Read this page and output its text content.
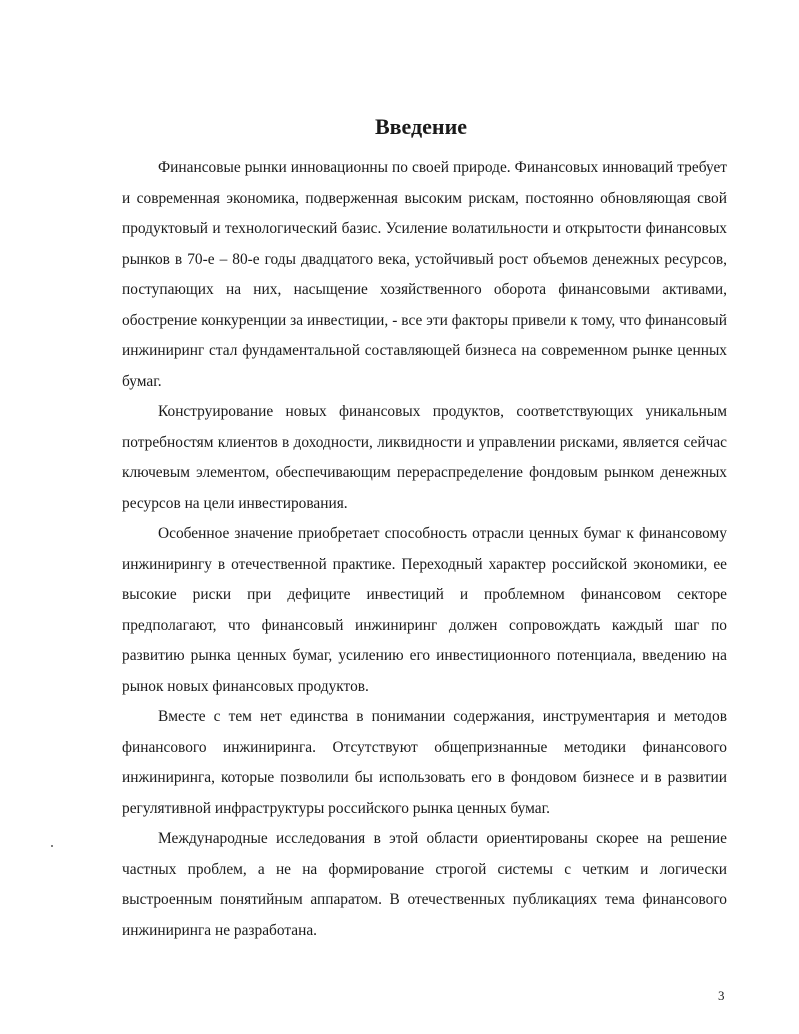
Введение

Финансовые рынки инновационны по своей природе. Финансовых инноваций требует и современная экономика, подверженная высоким рискам, постоянно обновляющая свой продуктовый и технологический базис. Усиление волатильности и открытости финансовых рынков в 70-е – 80-е годы двадцатого века, устойчивый рост объемов денежных ресурсов, поступающих на них, насыщение хозяйственного оборота финансовыми активами, обострение конкуренции за инвестиции, - все эти факторы привели к тому, что финансовый инжиниринг стал фундаментальной составляющей бизнеса на современном рынке ценных бумаг.

Конструирование новых финансовых продуктов, соответствующих уникальным потребностям клиентов в доходности, ликвидности и управлении рисками, является сейчас ключевым элементом, обеспечивающим перераспределение фондовым рынком денежных ресурсов на цели инвестирования.

Особенное значение приобретает способность отрасли ценных бумаг к финансовому инжинирингу в отечественной практике. Переходный характер российской экономики, ее высокие риски при дефиците инвестиций и проблемном финансовом секторе предполагают, что финансовый инжиниринг должен сопровождать каждый шаг по развитию рынка ценных бумаг, усилению его инвестиционного потенциала, введению на рынок новых финансовых продуктов.

Вместе с тем нет единства в понимании содержания, инструментария и методов финансового инжиниринга. Отсутствуют общепризнанные методики финансового инжиниринга, которые позволили бы использовать его в фондовом бизнесе и в развитии регулятивной инфраструктуры российского рынка ценных бумаг.

Международные исследования в этой области ориентированы скорее на решение частных проблем, а не на формирование строгой системы с четким и логически выстроенным понятийным аппаратом. В отечественных публикациях тема финансового инжиниринга не разработана.

3
